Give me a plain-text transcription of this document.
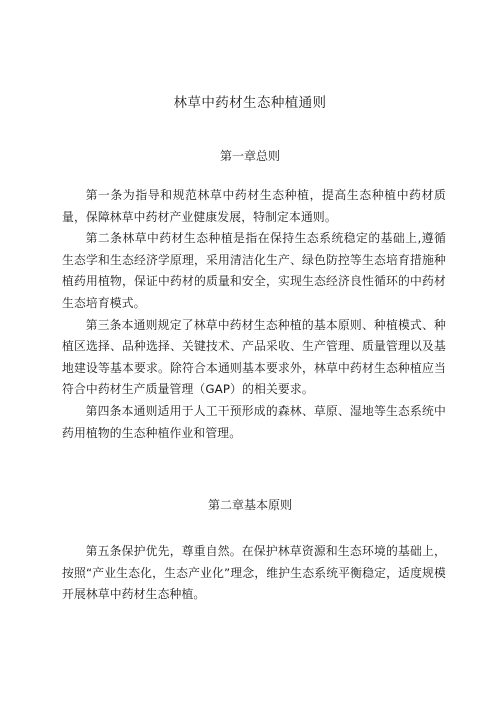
林草中药材生态种植通则
第一章总则

第一条为指导和规范林草中药材生态种植，提高生态种植中药材质量，保障林草中药材产业健康发展，特制定本通则。

第二条林草中药材生态种植是指在保持生态系统稳定的基础上,遵循生态学和生态经济学原理，采用清洁化生产、绿色防控等生态培育措施种植药用植物，保证中药材的质量和安全，实现生态经济良性循环的中药材生态培育模式。

第三条本通则规定了林草中药材生态种植的基本原则、种植模式、种植区选择、品种选择、关键技术、产品采收、生产管理、质量管理以及基地建设等基本要求。除符合本通则基本要求外，林草中药材生态种植应当符合中药材生产质量管理（GAP）的相关要求。

第四条本通则适用于人工干预形成的森林、草原、湿地等生态系统中药用植物的生态种植作业和管理。

第二章基本原则

第五条保护优先，尊重自然。在保护林草资源和生态环境的基础上，按照“产业生态化，生态产业化”理念，维护生态系统平衡稳定，适度规模开展林草中药材生态种植。
